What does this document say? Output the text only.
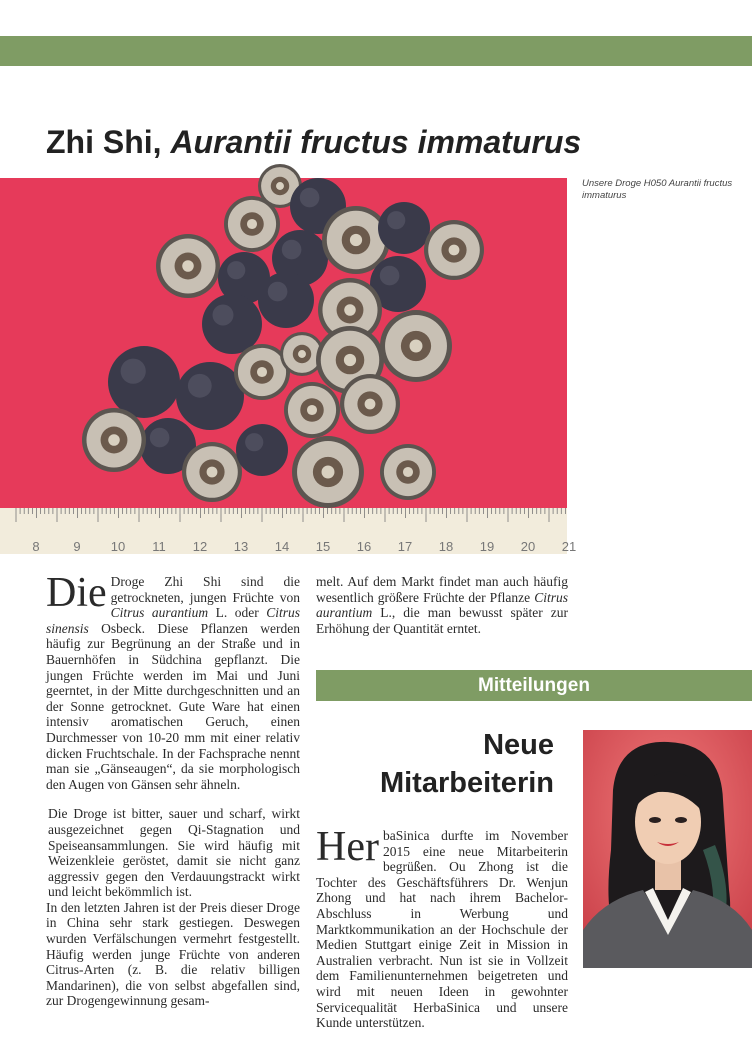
Zhi Shi, Aurantii fructus immaturus
8	9 10 11 12 13 14 15 16 17 18 19 20 21
Unsere Droge H050 Aurantii fructus immaturus

Die Droge Zhi Shi sind die getrockneten, jungen Früchte von Citrus aurantium L. oder Citrus sinensis Osbeck. Diese Pflanzen werden häufig zur Begrünung an der Straße und in Bauernhöfen in Südchina gepflanzt. Die jungen Früchte werden im Mai und Juni geerntet, in der Mitte durchgeschnitten und an der Sonne getrocknet. Gute Ware hat einen intensiv aromatischen Geruch, einen Durchmesser von 10-20 mm mit einer relativ dicken Fruchtschale. In der Fachsprache nennt man sie „Gänseaugen“, da sie morphologisch den Augen von Gänsen sehr ähneln.

Die Droge ist bitter, sauer und scharf, wirkt ausgezeichnet gegen Qi-Stagnation und Speiseansammlungen. Sie wird häufig mit Weizenkleie geröstet, damit sie nicht ganz aggressiv gegen den Verdauungstrackt wirkt und leicht bekömmlich ist.

In den letzten Jahren ist der Preis dieser Droge in China sehr stark gestiegen. Deswegen wurden Verfälschungen vermehrt festgestellt. Häufig werden junge Früchte von anderen Citrus-Arten (z. B. die relativ billigen Mandarinen), die von selbst abgefallen sind, zur Drogengewinnung gesam-

melt. Auf dem Markt findet man auch häufig wesentlich größere Früchte der Pflanze Citrus aurantium L., die man bewusst später zur Erhöhung der Quantität erntet.

Mitteilungen
Neue
Mitarbeiterin

Her baSinica durfte im November 2015 eine neue Mitarbeiterin begrüßen. Ou Zhong ist die Tochter des Geschäftsführers Dr. Wenjun Zhong und hat nach ihrem Bachelor-Abschluss in Werbung und Marktkommunikation an der Hochschule der Medien Stuttgart einige Zeit in Mission in Australien verbracht. Nun ist sie in Vollzeit dem Familienunternehmen beigetreten und wird mit neuen Ideen in gewohnter Servicequalität HerbaSinica und unsere Kunde unterstützen.
